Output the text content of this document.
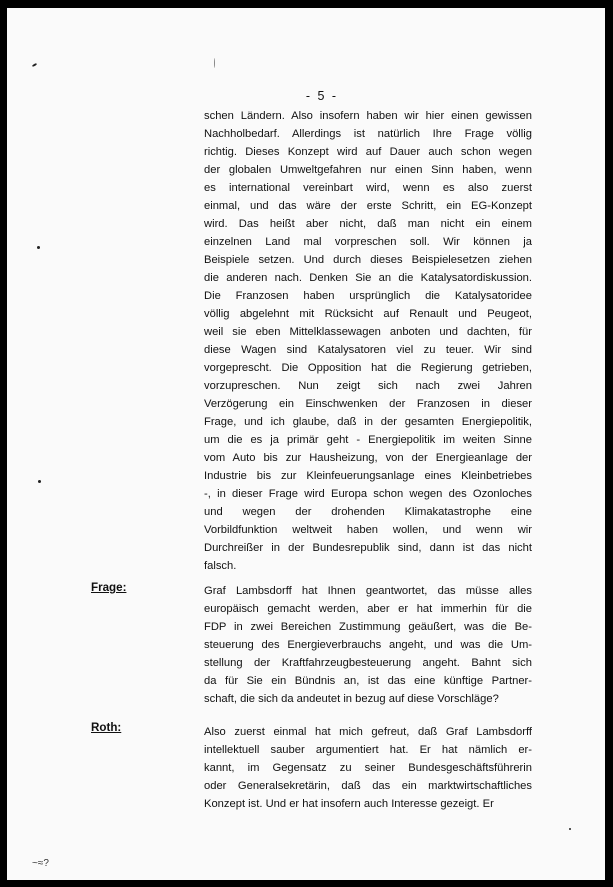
- 5 -
schen Ländern. Also insofern haben wir hier einen gewissen
Nachholbedarf. Allerdings ist natürlich Ihre Frage völlig
richtig. Dieses Konzept wird auf Dauer auch schon wegen
der globalen Umweltgefahren nur einen Sinn haben, wenn
es international vereinbart wird, wenn es also zuerst
einmal, und das wäre der erste Schritt, ein EG-Konzept
wird. Das heißt aber nicht, daß man nicht ein einem
einzelnen Land mal vorpreschen soll. Wir können ja
Beispiele setzen. Und durch dieses Beispielesetzen ziehen
die anderen nach. Denken Sie an die Katalysatordiskussion.
Die Franzosen haben ursprünglich die Katalysatoridee
völlig abgelehnt mit Rücksicht auf Renault und Peugeot,
weil sie eben Mittelklassewagen anboten und dachten, für
diese Wagen sind Katalysatoren viel zu teuer. Wir sind
vorgeprescht. Die Opposition hat die Regierung getrieben,
vorzupreschen. Nun zeigt sich nach zwei Jahren
Verzögerung ein Einschwenken der Franzosen in dieser
Frage, und ich glaube, daß in der gesamten Energiepolitik,
um die es ja primär geht - Energiepolitik im weiten Sinne
vom Auto bis zur Hausheizung, von der Energieanlage der
Industrie bis zur Kleinfeuerungsanlage eines Kleinbetriebes
-, in dieser Frage wird Europa schon wegen des Ozonloches
und wegen der drohenden Klimakatastrophe eine
Vorbildfunktion weltweit haben wollen, und wenn wir
Durchreißer in der Bundesrepublik sind, dann ist das nicht
falsch.
Frage:	Graf Lambsdorff hat Ihnen geantwortet, das müsse alles
europäisch gemacht werden, aber er hat immerhin für die
FDP in zwei Bereichen Zustimmung geäußert, was die Be-
steuerung des Energieverbrauchs angeht, und was die Um-
stellung der Kraftfahrzeugbesteuerung angeht. Bahnt sich
da für Sie ein Bündnis an, ist das eine künftige Partner-
schaft, die sich da andeutet in bezug auf diese Vorschläge?
Roth:	Also zuerst einmal hat mich gefreut, daß Graf Lambsdorff
intellektuell sauber argumentiert hat. Er hat nämlich er-
kannt, im Gegensatz zu seiner Bundesgeschäftsführerin
oder Generalsekretärin, daß das ein marktwirtschaftliches
Konzept ist. Und er hat insofern auch Interesse gezeigt. Er
~≈?
